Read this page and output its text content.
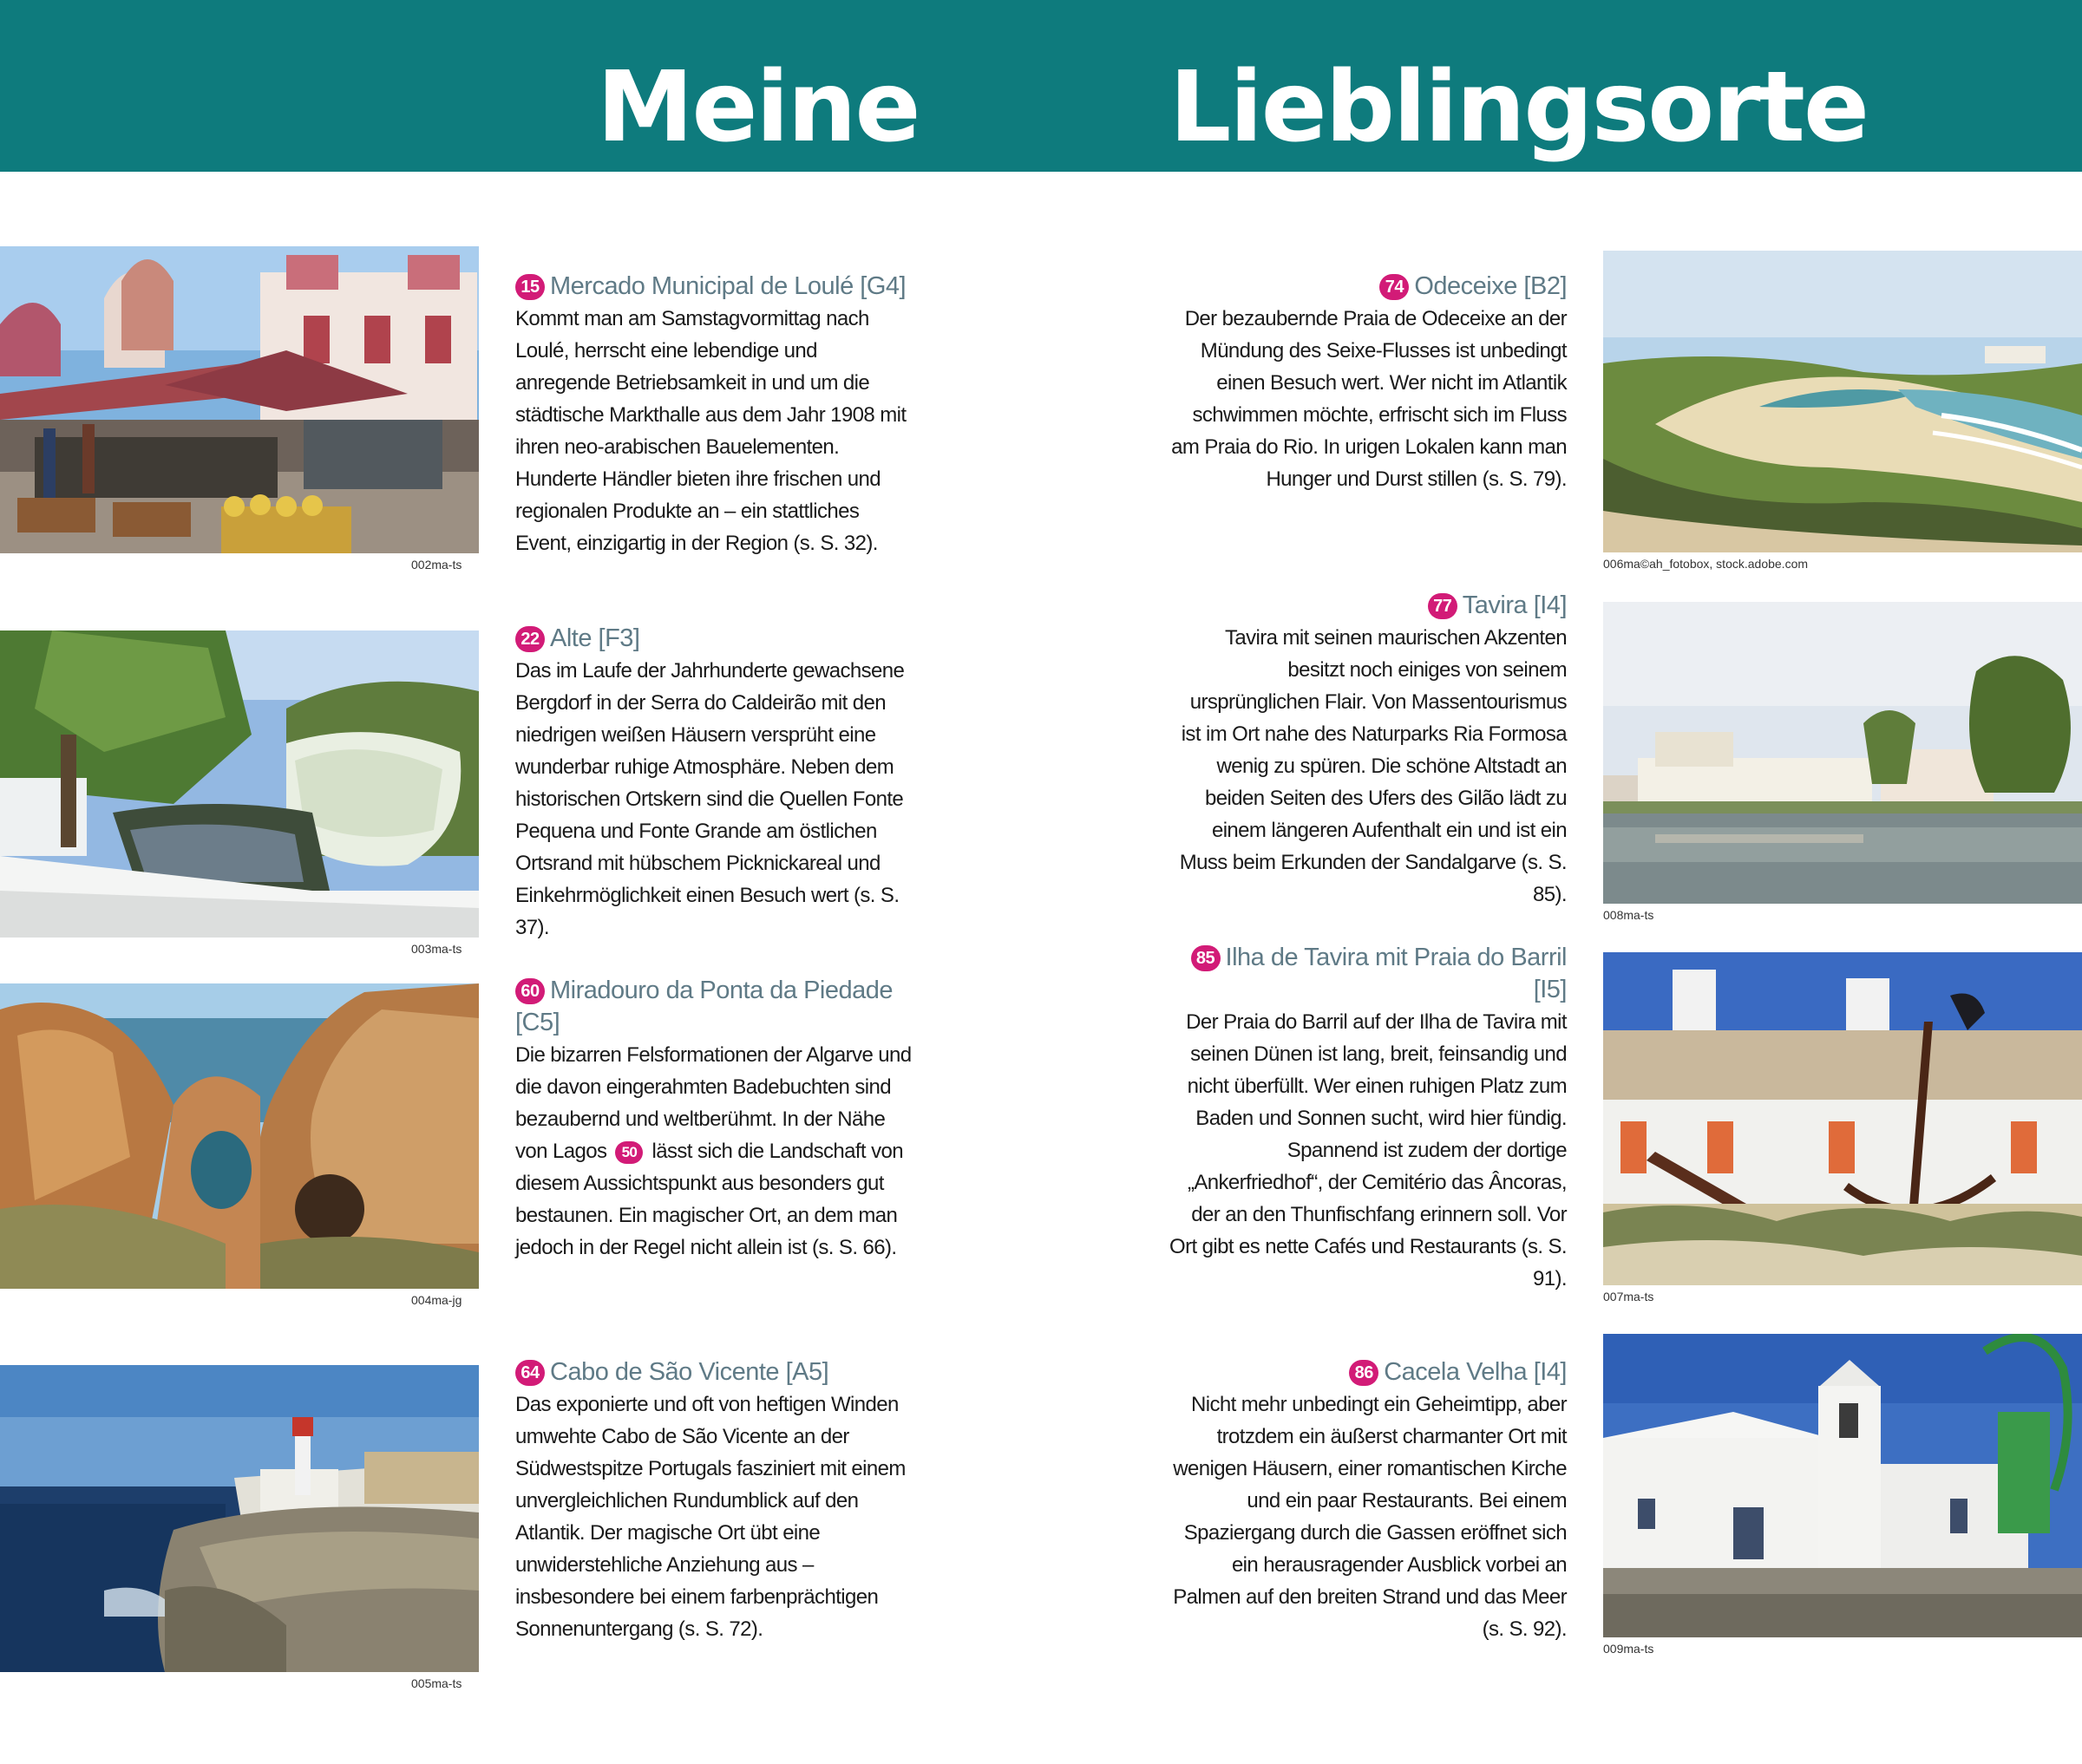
Meine	Lieblingsorte
002ma-ts
15 Mercado Municipal de Loulé [G4]
Kommt man am Samstagvormittag nach Loulé, herrscht eine lebendige und anregende Betriebsamkeit in und um die städtische Markthalle aus dem Jahr 1908 mit ihren neo-arabischen Bauelementen. Hunderte Händler bieten ihre frischen und regionalen Produkte an – ein stattliches Event, einzigartig in der Region (s. S. 32).
003ma-ts
22 Alte [F3]
Das im Laufe der Jahrhunderte gewachsene Bergdorf in der Serra do Caldeirão mit den niedrigen weißen Häusern versprüht eine wunderbar ruhige Atmosphäre. Neben dem historischen Ortskern sind die Quellen Fonte Pequena und Fonte Grande am östlichen Ortsrand mit hübschem Picknickareal und Einkehrmöglichkeit einen Besuch wert (s. S. 37).
004ma-jg
60 Miradouro da Ponta da Piedade [C5]
Die bizarren Felsformationen der Algarve und die davon eingerahmten Badebuchten sind bezaubernd und weltberühmt. In der Nähe von Lagos 50 lässt sich die Landschaft von diesem Aussichtspunkt aus besonders gut bestaunen. Ein magischer Ort, an dem man jedoch in der Regel nicht allein ist (s. S. 66).
005ma-ts
64 Cabo de São Vicente [A5]
Das exponierte und oft von heftigen Winden umwehte Cabo de São Vicente an der Südwestspitze Portugals fasziniert mit einem unvergleichlichen Rundumblick auf den Atlantik. Der magische Ort übt eine unwiderstehliche Anziehung aus – insbesondere bei einem farbenprächtigen Sonnenuntergang (s. S. 72).
006ma©ah_fotobox, stock.adobe.com
74 Odeceixe [B2]
Der bezaubernde Praia de Odeceixe an der Mündung des Seixe-Flusses ist unbedingt einen Besuch wert. Wer nicht im Atlantik schwimmen möchte, erfrischt sich im Fluss am Praia do Rio. In urigen Lokalen kann man Hunger und Durst stillen (s. S. 79).
008ma-ts
77 Tavira [I4]
Tavira mit seinen maurischen Akzenten besitzt noch einiges von seinem ursprünglichen Flair. Von Massentourismus ist im Ort nahe des Naturparks Ria Formosa wenig zu spüren. Die schöne Altstadt an beiden Seiten des Ufers des Gilão lädt zu einem längeren Aufenthalt ein und ist ein Muss beim Erkunden der Sandalgarve (s. S. 85).
007ma-ts
85 Ilha de Tavira mit Praia do Barril [I5]
Der Praia do Barril auf der Ilha de Tavira mit seinen Dünen ist lang, breit, feinsandig und nicht überfüllt. Wer einen ruhigen Platz zum Baden und Sonnen sucht, wird hier fündig. Spannend ist zudem der dortige „Ankerfriedhof“, der Cemitério das Âncoras, der an den Thunfischfang erinnern soll. Vor Ort gibt es nette Cafés und Restaurants (s. S. 91).
009ma-ts
86 Cacela Velha [I4]
Nicht mehr unbedingt ein Geheimtipp, aber trotzdem ein äußerst charmanter Ort mit wenigen Häusern, einer romantischen Kirche und ein paar Restaurants. Bei einem Spaziergang durch die Gassen eröffnet sich ein herausragender Ausblick vorbei an Palmen auf den breiten Strand und das Meer (s. S. 92).
